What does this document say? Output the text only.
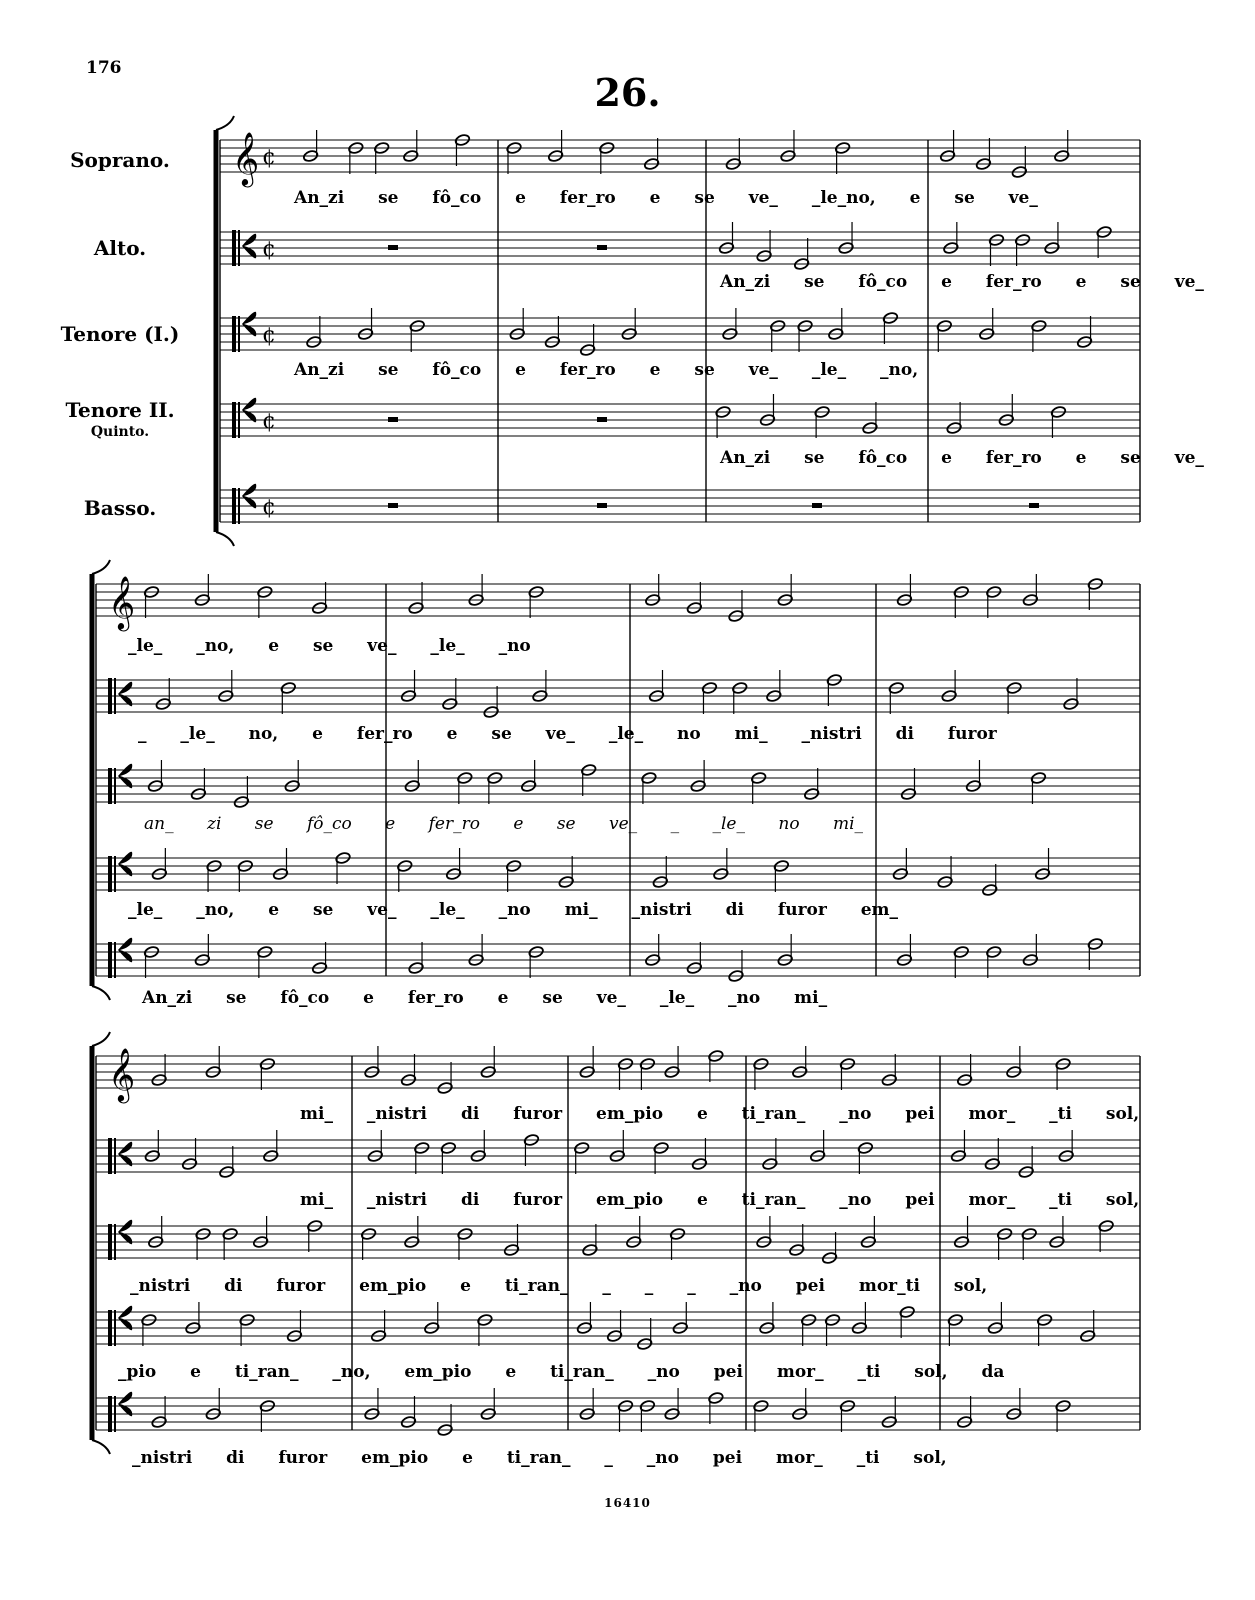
176
26.
Soprano.
Alto.
Tenore (I.)
Tenore II.
Quinto.
Basso.
𝄞 ¢
¢
¢
¢
¢
𝄞
𝄞
An_zi se fô_co e fer_ro e se ve_ _le_no, e se ve_
An_zi se fô_co e fer_ro e se ve_
An_zi se fô_co e fer_ro e se ve_ _le_ _no,
An_zi se fô_co e fer_ro e se ve_
_le_ _no, e se ve_ _le_ _no
_ _le_ no, e fer_ro e se ve_ _le_ no mi_ _nistri di furor
an_ zi se fô_co e fer_ro e se ve_ _ _le_ no mi_
_le_ _no, e se ve_ _le_ _no mi_ _nistri di furor em_
An_zi se fô_co e fer_ro e se ve_ _le_ _no mi_
mi_ _nistri di furor em_pio e ti_ran_ _no pei mor_ _ti sol,
mi_ _nistri di furor em_pio e ti_ran_ _no pei mor_ _ti sol,
_nistri di furor em_pio e ti_ran_ _ _ _ _no pei mor_ti sol,
_pio e ti_ran_ _no, em_pio e ti_ran_ _no pei mor_ _ti sol, da
_nistri di furor em_pio e ti_ran_ _ _no pei mor_ _ti sol,
16410
